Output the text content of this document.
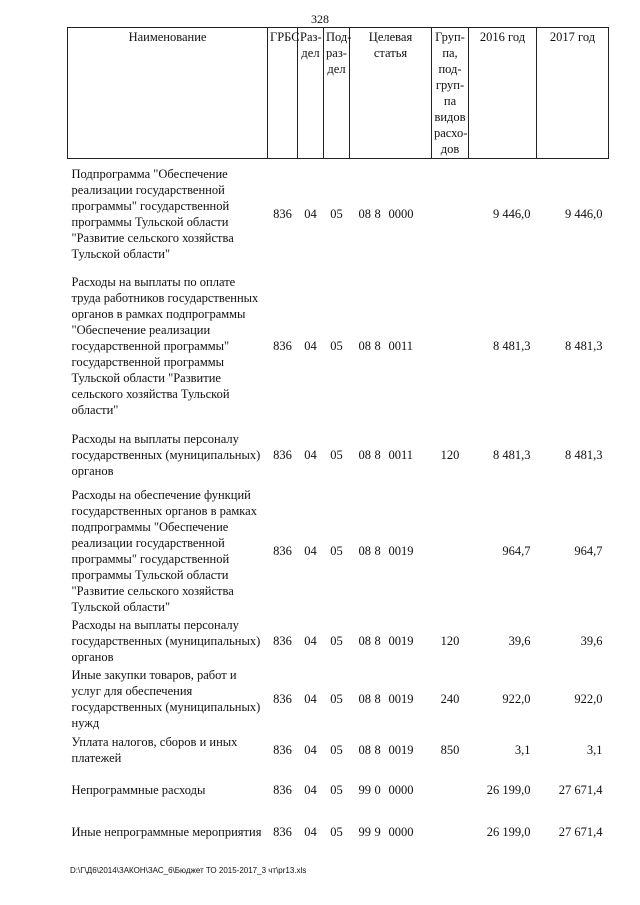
328
Наименование	ГРБС	Раз-дел	Под-раз-дел	Целевая статья	Груп-па, под-груп-па видов расхо-дов	2016 год	2017 год
Подпрограмма "Обеспечение реализации государственной программы" государственной программы Тульской области "Развитие сельского хозяйства Тульской области"	836	04	05	08 8 0000		9 446,0	9 446,0
Расходы на выплаты по оплате труда работников государственных органов в рамках подпрограммы "Обеспечение реализации государственной программы" государственной программы Тульской области "Развитие сельского хозяйства Тульской области"	836	04	05	08 8 0011		8 481,3	8 481,3
Расходы на выплаты персоналу государственных (муниципальных) органов	836	04	05	08 8 0011	120	8 481,3	8 481,3
Расходы на обеспечение функций государственных органов в рамках подпрограммы "Обеспечение реализации государственной программы" государственной программы Тульской области "Развитие сельского хозяйства Тульской области"	836	04	05	08 8 0019		964,7	964,7
Расходы на выплаты персоналу государственных (муниципальных) органов	836	04	05	08 8 0019	120	39,6	39,6
Иные закупки товаров, работ и услуг для обеспечения государственных (муниципальных) нужд	836	04	05	08 8 0019	240	922,0	922,0
Уплата налогов, сборов и иных платежей	836	04	05	08 8 0019	850	3,1	3,1
Непрограммные расходы	836	04	05	99 0 0000		26 199,0	27 671,4
Иные непрограммные мероприятия	836	04	05	99 9 0000		26 199,0	27 671,4
D:\Г\Д6\2014\ЗАКОН\ЗАС_6\Бюджет ТО 2015-2017_3 чт\pr13.xls
